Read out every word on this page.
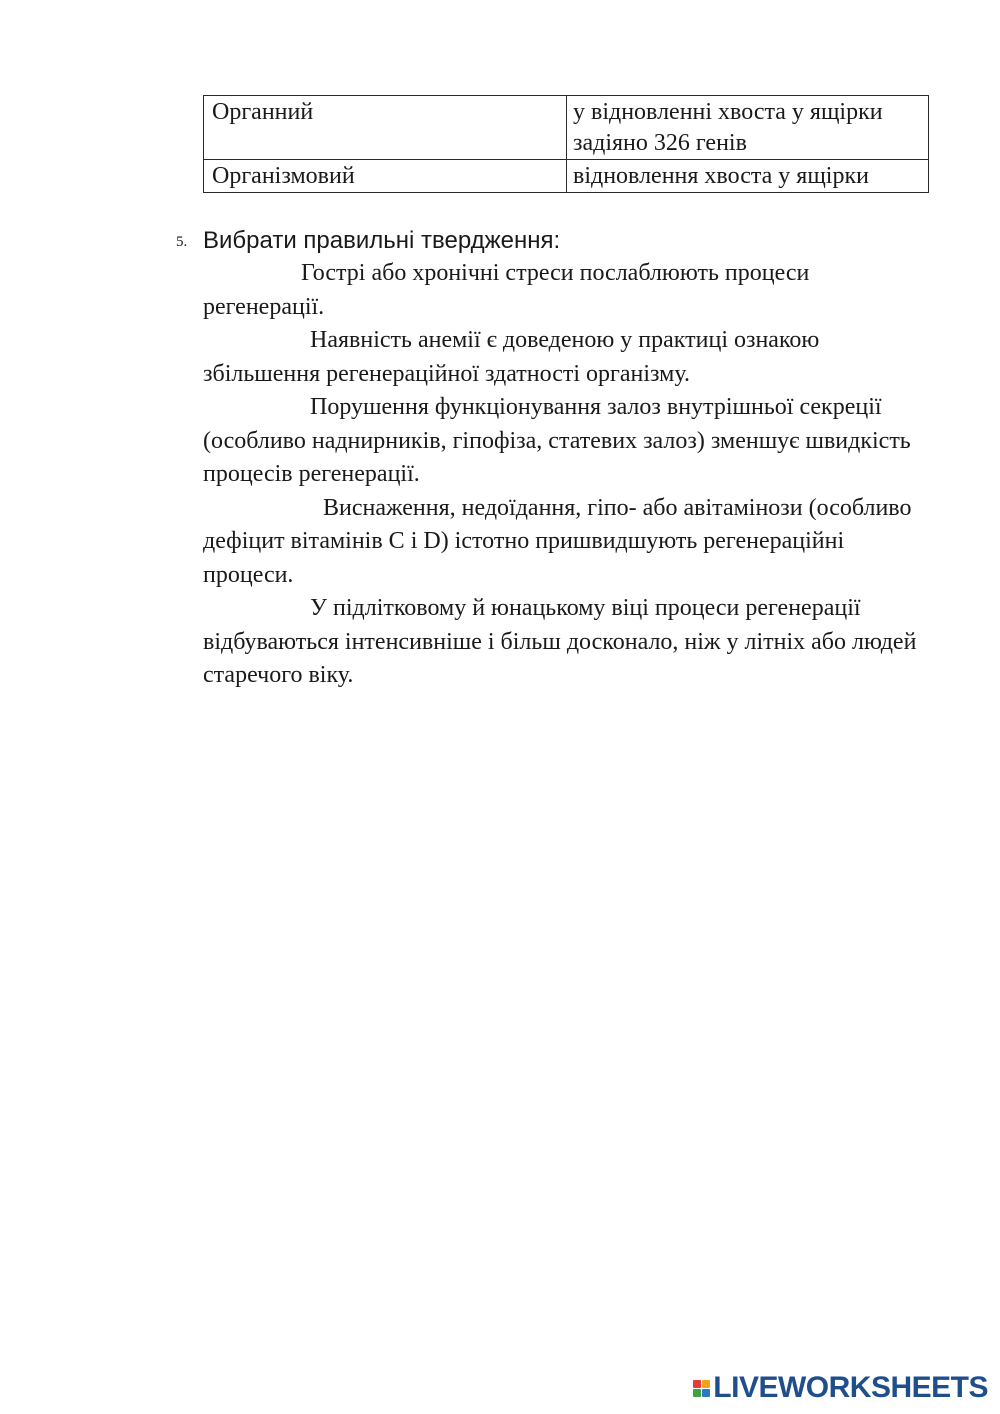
Органний	у відновленні хвоста у ящірки задіяно 326 генів
Організмовий	відновлення хвоста у ящірки
5. Вибрати правильні твердження:

Гострі або хронічні стреси послаблюють процеси регенерації.

Наявність анемії є доведеною у практиці ознакою збільшення регенераційної здатності організму.

Порушення функціонування залоз внутрішньої секреції (особливо наднирників, гіпофіза, статевих залоз) зменшує швидкість процесів регенерації.

Виснаження, недоїдання, гіпо- або авітамінози (особливо дефіцит вітамінів С і D) істотно пришвидшують регенераційні процеси.

У підлітковому й юнацькому віці процеси регенерації відбуваються інтенсивніше і більш досконало, ніж у літніх або людей старечого віку.

LIVEWORKSHEETS
